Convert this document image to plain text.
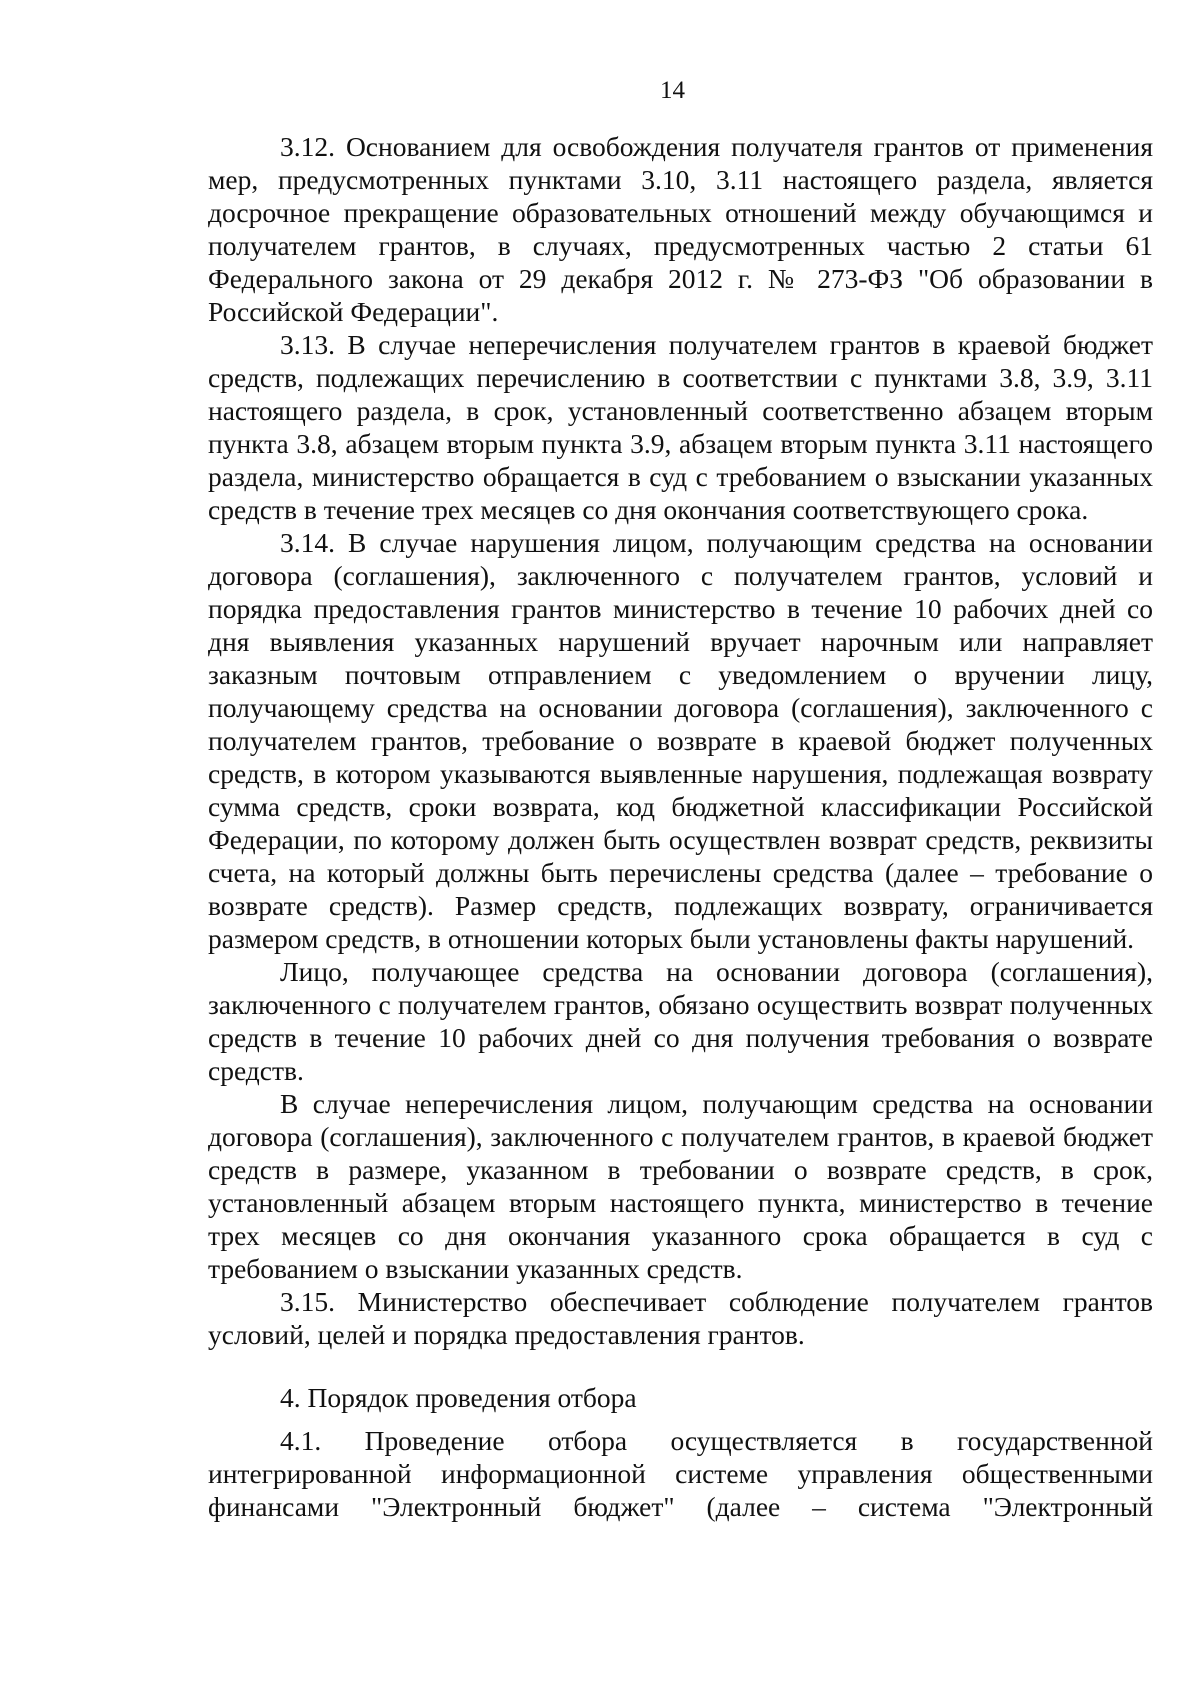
14

3.12. Основанием для освобождения получателя грантов от применения мер, предусмотренных пунктами 3.10, 3.11 настоящего раздела, является досрочное прекращение образовательных отношений между обучающимся и получателем грантов, в случаях, предусмотренных частью 2 статьи 61 Федерального закона от 29 декабря 2012 г. № 273-ФЗ "Об образовании в Российской Федерации".

3.13. В случае неперечисления получателем грантов в краевой бюджет средств, подлежащих перечислению в соответствии с пунктами 3.8, 3.9, 3.11 настоящего раздела, в срок, установленный соответственно абзацем вторым пункта 3.8, абзацем вторым пункта 3.9, абзацем вторым пункта 3.11 настоящего раздела, министерство обращается в суд с требованием о взыскании указанных средств в течение трех месяцев со дня окончания соответствующего срока.

3.14. В случае нарушения лицом, получающим средства на основании договора (соглашения), заключенного с получателем грантов, условий и порядка предоставления грантов министерство в течение 10 рабочих дней со дня выявления указанных нарушений вручает нарочным или направляет заказным почтовым отправлением с уведомлением о вручении лицу, получающему средства на основании договора (соглашения), заключенного с получателем грантов, требование о возврате в краевой бюджет полученных средств, в котором указываются выявленные нарушения, подлежащая возврату сумма средств, сроки возврата, код бюджетной классификации Российской Федерации, по которому должен быть осуществлен возврат средств, реквизиты счета, на который должны быть перечислены средства (далее – требование о возврате средств). Размер средств, подлежащих возврату, ограничивается размером средств, в отношении которых были установлены факты нарушений.

Лицо, получающее средства на основании договора (соглашения), заключенного с получателем грантов, обязано осуществить возврат полученных средств в течение 10 рабочих дней со дня получения требования о возврате средств.

В случае неперечисления лицом, получающим средства на основании договора (соглашения), заключенного с получателем грантов, в краевой бюджет средств в размере, указанном в требовании о возврате средств, в срок, установленный абзацем вторым настоящего пункта, министерство в течение трех месяцев со дня окончания указанного срока обращается в суд с требованием о взыскании указанных средств.

3.15. Министерство обеспечивает соблюдение получателем грантов условий, целей и порядка предоставления грантов.

4. Порядок проведения отбора

4.1. Проведение отбора осуществляется в государственной интегрированной информационной системе управления общественными финансами "Электронный бюджет" (далее – система "Электронный
